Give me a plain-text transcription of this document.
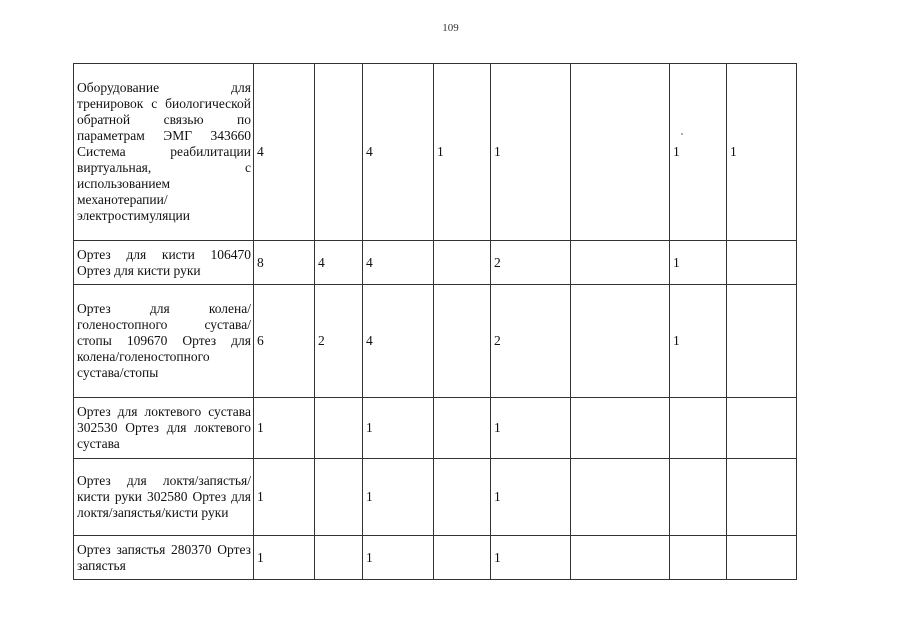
109
Оборудование для тренировок с биологической обратной связью по параметрам ЭМГ 343660 Система реабилитации виртуальная, с использованием механотерапии/электростимуляции	4		4	1	1		1	1
Ортез для кисти 106470 Ортез для кисти руки	8	4	4		2		1	
Ортез для колена/голеностопного сустава/стопы 109670 Ортез для колена/голеностопного сустава/стопы	6	2	4		2		1	
Ортез для локтевого сустава 302530 Ортез для локтевого сустава	1		1		1			
Ортез для локтя/запястья/кисти руки 302580 Ортез для локтя/запястья/кисти руки	1		1		1			
Ортез запястья 280370 Ортез запястья	1		1		1			
